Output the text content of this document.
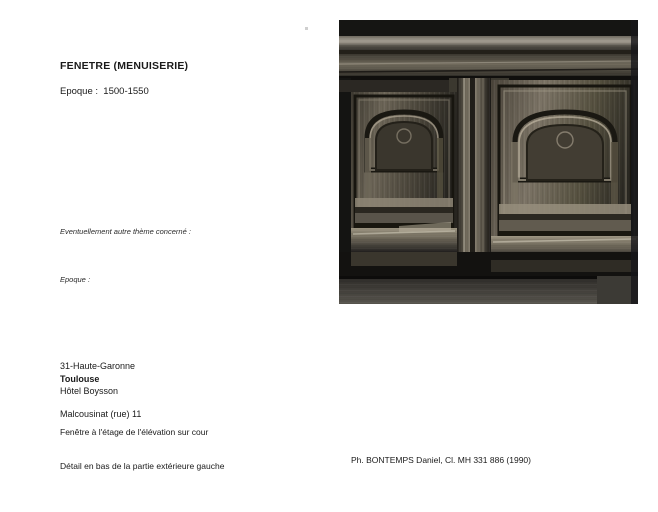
FENETRE (MENUISERIE)
Epoque :  1500-1550
Eventuellement autre thème concerné :
Epoque :
31-Haute-Garonne
Toulouse
Hôtel Boysson
Malcousinat (rue) 11
Fenêtre à l'étage de l'élévation sur cour
Détail en bas de la partie extérieure gauche
Ph. BONTEMPS Daniel, Cl. MH 331 886 (1990)
